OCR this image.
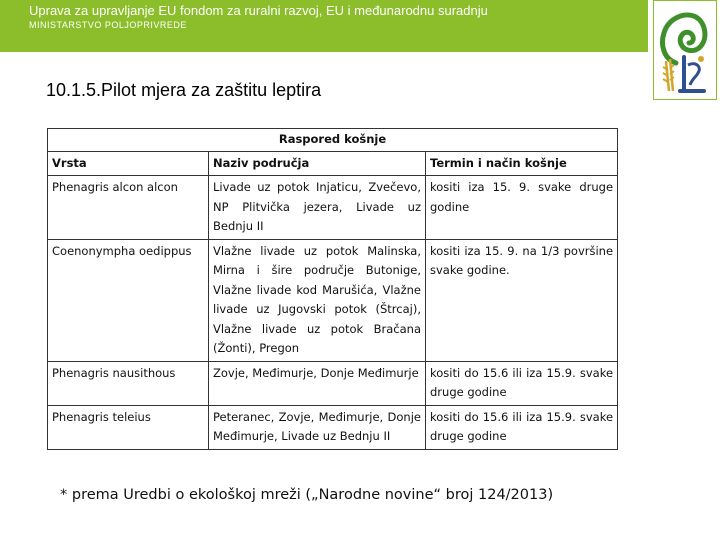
Uprava za upravljanje EU fondom za ruralni razvoj, EU i međunarodnu suradnju
MINISTARSTVO POLJOPRIVREDE
10.1.5.Pilot mjera za zaštitu leptira
Raspored košnje		
Vrsta	Naziv područja	Termin i način košnje
Phenagris alcon alcon	Livade uz potok Injaticu, Zvečevo, NP Plitvička jezera, Livade uz Bednju II	kositi iza 15. 9. svake druge godine
Coenonympha oedippus	Vlažne livade uz potok Malinska, Mirna i šire područje Butonige, Vlažne livade kod Marušića, Vlažne livade uz Jugovski potok (Štrcaj), Vlažne livade uz potok Bračana (Žonti), Pregon	kositi iza 15. 9. na 1/3 površine svake godine.
Phenagris nausithous	Zovje, Međimurje, Donje Međimurje	kositi do 15.6 ili iza 15.9. svake druge godine
Phenagris teleius	Peteranec, Zovje, Međimurje, Donje Međimurje, Livade uz Bednju II	kositi do 15.6 ili iza 15.9. svake druge godine
* prema Uredbi o ekološkoj mreži („Narodne novine“ broj 124/2013)
